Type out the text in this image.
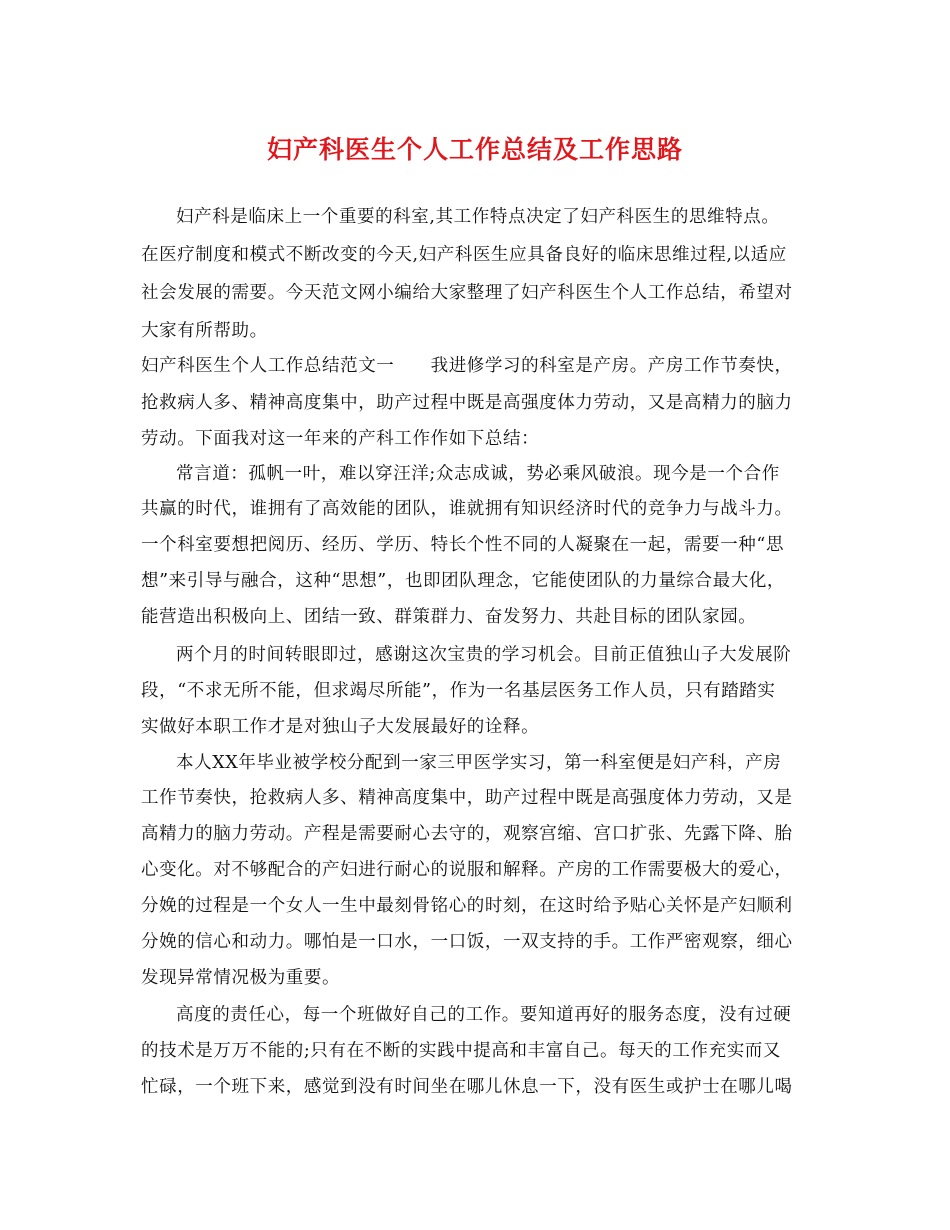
妇产科医生个人工作总结及工作思路
妇产科是临床上一个重要的科室,其工作特点决定了妇产科医生的思维特点。
在医疗制度和模式不断改变的今天,妇产科医生应具备良好的临床思维过程,以适应
社会发展的需要。今天范文网小编给大家整理了妇产科医生个人工作总结，希望对
大家有所帮助。
妇产科医生个人工作总结范文一　　我进修学习的科室是产房。产房工作节奏快，
抢救病人多、精神高度集中，助产过程中既是高强度体力劳动，又是高精力的脑力
劳动。下面我对这一年来的产科工作作如下总结：
常言道：孤帆一叶，难以穿汪洋;众志成诚，势必乘风破浪。现今是一个合作
共赢的时代，谁拥有了高效能的团队，谁就拥有知识经济时代的竞争力与战斗力。
一个科室要想把阅历、经历、学历、特长个性不同的人凝聚在一起，需要一种“思
想”来引导与融合，这种“思想”，也即团队理念，它能使团队的力量综合最大化，
能营造出积极向上、团结一致、群策群力、奋发努力、共赴目标的团队家园。
两个月的时间转眼即过，感谢这次宝贵的学习机会。目前正值独山子大发展阶
段，“不求无所不能，但求竭尽所能”，作为一名基层医务工作人员，只有踏踏实
实做好本职工作才是对独山子大发展最好的诠释。
本人XX年毕业被学校分配到一家三甲医学实习，第一科室便是妇产科，产房
工作节奏快，抢救病人多、精神高度集中，助产过程中既是高强度体力劳动，又是
高精力的脑力劳动。产程是需要耐心去守的，观察宫缩、宫口扩张、先露下降、胎
心变化。对不够配合的产妇进行耐心的说服和解释。产房的工作需要极大的爱心，
分娩的过程是一个女人一生中最刻骨铭心的时刻，在这时给予贴心关怀是产妇顺利
分娩的信心和动力。哪怕是一口水，一口饭，一双支持的手。工作严密观察，细心
发现异常情况极为重要。
高度的责任心，每一个班做好自己的工作。要知道再好的服务态度，没有过硬
的技术是万万不能的;只有在不断的实践中提高和丰富自己。每天的工作充实而又
忙碌，一个班下来，感觉到没有时间坐在哪儿休息一下，没有医生或护士在哪儿喝
